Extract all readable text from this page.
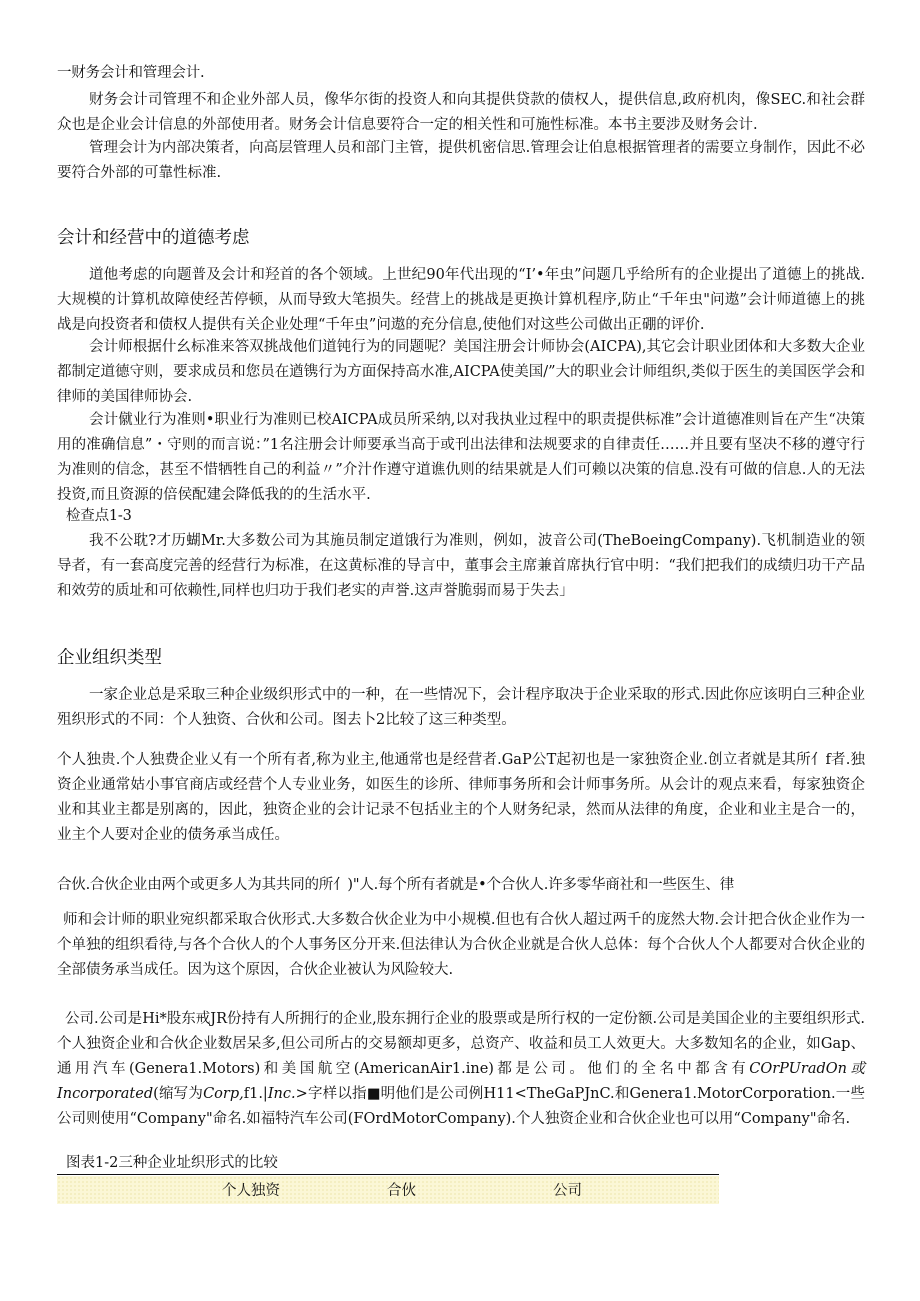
一财务会计和管理会计.

财务会计司管理不和企业外部人员，像华尔街的投资人和向其提供贷款的债权人，提供信息,政府机肉，像SEC.和社会群众也是企业会计信息的外部使用者。财务会计信息要符合一定的相关性和可施性标准。本书主要涉及财务会计.

管理会计为内部决策者，向高层管理人员和部门主管，提供机密信思.管理会让伯息根据管理者的需要立身制作，因此不必要符合外部的可靠性标准.

会计和经营中的道德考虑

道他考虑的向题普及会计和羟首的各个领域。上世纪90年代出现的“I’•年虫”问题几乎给所有的企业提出了道德上的挑战.大规模的计算机故障使经苦停顿，从而导致大笔损失。经营上的挑战是更换计算机程序,防止“千年虫"问遨”会计师道德上的挑战是向投资者和债权人提供有关企业处理“千年虫”问遨的充分信息,使他们对这些公司做出正硼的评价.

会计师根据什幺标准来答双挑战他们道钝行为的同题呢？美国注册会计师协会(AICPA),其它会计职业团体和大多数大企业都制定道德守则，要求成员和您员在遒镌行为方面保持高水准,AICPA使美国/”大的职业会计师组织,类似于医生的美国医学会和律师的美国律师协会.

会计僦业行为准则•职业行为准则已校AICPA成员所采纳,以对我执业过程中的职责提供标准”会计道德准则旨在产生“决策用的准确信息”・守则的而言说：”1名注册会计师要承当高于或刊出法律和法规要求的自律责任……并且要有坚决不移的遵守行为准则的信念，甚至不惜牺牲自己的利益〃”介汁作遵守道谯仇则的结果就是人们可赖以决策的信息.没有可做的信息.人的无法投资,而且资源的倍侯配建会降低我的的生活水平.

检查点1-3

我不公耽?才历蝴Mr.大多数公司为其施员制定道饿行为准则，例如，波音公司(TheBoeingCompany).飞机制造业的领导者，有一套高度完善的经营行为标准，在这黄标准的导言中，董事会主席兼首席执行官中明：“我们把我们的成绩归功干产品和效劳的质址和可依赖性,同样也归功于我们老实的声誉.这声誉脆弱而易于失去」

企业组织类型

一家企业总是采取三种企业级织形式中的一种，在一些情况下，会计程序取决于企业采取的形式.因此你应该明白三种企业殂织形式的不同：个人独资、合伙和公司。图去卜2比较了这三种类型。

个人独贵.个人独费企业乂有一个所有者,称为业主,他通常也是经营者.GaP公T起初也是一家独资企业.创立者就是其所亻f者.独资企业通常姑小事官商店或经营个人专业业务，如医生的诊所、律师事务所和会计师事务所。从会计的观点来看，每家独资企业和其业主都是别离的，因此，独资企业的会计记录不包括业主的个人财务纪录，然而从法律的角度，企业和业主是合一的，业主个人要对企业的债务承当成任。

合伙.合伙企业由两个或更多人为其共同的所亻)"人.每个所有者就是•个合伙人.许多零华商社和一些医生、律

师和会计师的职业宛织都采取合伙形式.大多数合伙企业为中小规模.但也有合伙人超过两千的庞然大物.会计把合伙企业作为一个单独的组织看待,与各个合伙人的个人事务区分开来.但法律认为合伙企业就是合伙人总体：每个合伙人个人都要对合伙企业的全部债务承当成任。因为这个原因，合伙企业被认为风险较大.

公司.公司是Hi*股东戒JR份持有人所拥行的企业,股东拥行企业的股票或是所行权的一定份额.公司是美国企业的主要组织形式.个人独资企业和合伙企业数居呆多,但公司所占的交易额却更多，总资产、收益和员工人效更大。大多数知名的企业，如Gap、通用汽车(Genera1.Motors)和美国航空(AmericanAir1.ine)都是公司。他们的全名中都含有COrPUradOn或Incorporated(缩写为Corp,f1.|Inc.>字样以指■明他们是公司例H11<TheGaPJnC.和Genera1.MotorCorporation.一些公司则使用“Company"命名.如福特汽车公司(FOrdMotorCompany).个人独资企业和合伙企业也可以用“Company"命名.

图表1-2三种企业址织形式的比较
个人独资	合伙	公司
